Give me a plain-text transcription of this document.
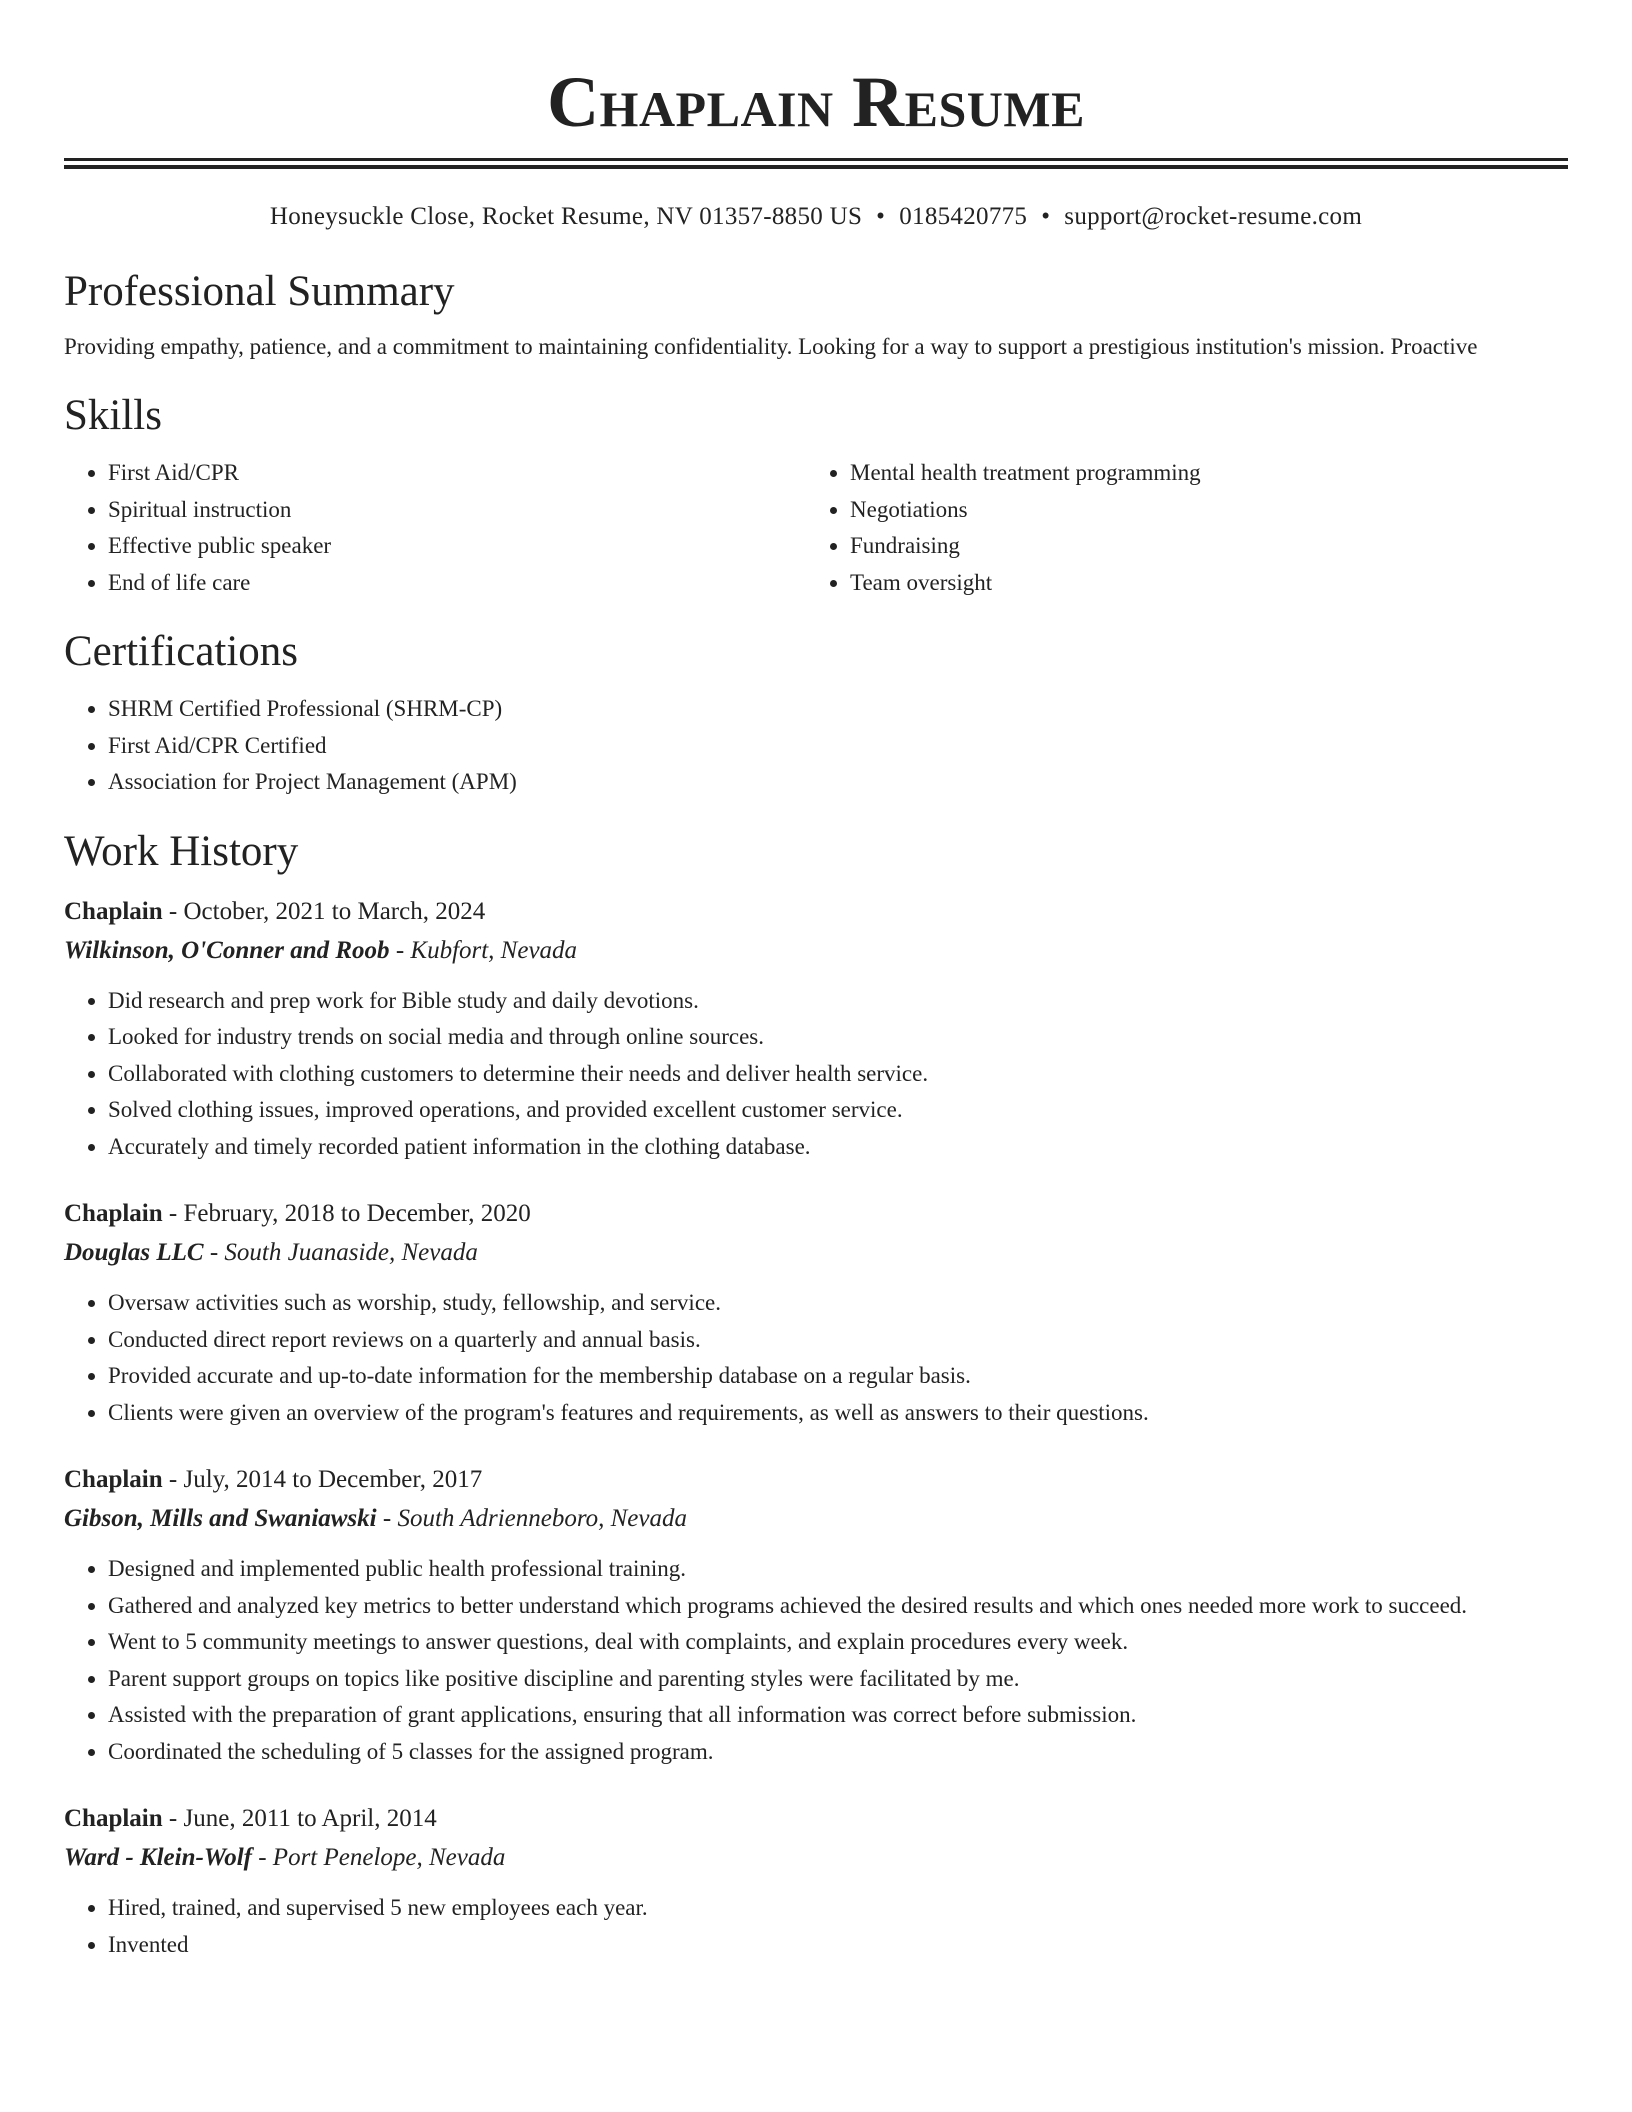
Chaplain Resume
Honeysuckle Close, Rocket Resume, NV 01357-8850 US • 0185420775 • support@rocket-resume.com
Professional Summary

Providing empathy, patience, and a commitment to maintaining confidentiality. Looking for a way to support a prestigious institution's mission. Proactive

Skills
• First Aid/CPR
• Spiritual instruction
• Effective public speaker
• End of life care
• Mental health treatment programming
• Negotiations
• Fundraising
• Team oversight
Certifications
• SHRM Certified Professional (SHRM-CP)
• First Aid/CPR Certified
• Association for Project Management (APM)
Work History
Chaplain - October, 2021 to March, 2024
Wilkinson, O'Conner and Roob - Kubfort, Nevada
• Did research and prep work for Bible study and daily devotions.
• Looked for industry trends on social media and through online sources.
• Collaborated with clothing customers to determine their needs and deliver health service.
• Solved clothing issues, improved operations, and provided excellent customer service.
• Accurately and timely recorded patient information in the clothing database.
Chaplain - February, 2018 to December, 2020
Douglas LLC - South Juanaside, Nevada
• Oversaw activities such as worship, study, fellowship, and service.
• Conducted direct report reviews on a quarterly and annual basis.
• Provided accurate and up-to-date information for the membership database on a regular basis.
• Clients were given an overview of the program's features and requirements, as well as answers to their questions.
Chaplain - July, 2014 to December, 2017
Gibson, Mills and Swaniawski - South Adrienneboro, Nevada
• Designed and implemented public health professional training.
• Gathered and analyzed key metrics to better understand which programs achieved the desired results and which ones needed more work to succeed.
• Went to 5 community meetings to answer questions, deal with complaints, and explain procedures every week.
• Parent support groups on topics like positive discipline and parenting styles were facilitated by me.
• Assisted with the preparation of grant applications, ensuring that all information was correct before submission.
• Coordinated the scheduling of 5 classes for the assigned program.
Chaplain - June, 2011 to April, 2014
Ward - Klein-Wolf - Port Penelope, Nevada
• Hired, trained, and supervised 5 new employees each year.
• Invented
